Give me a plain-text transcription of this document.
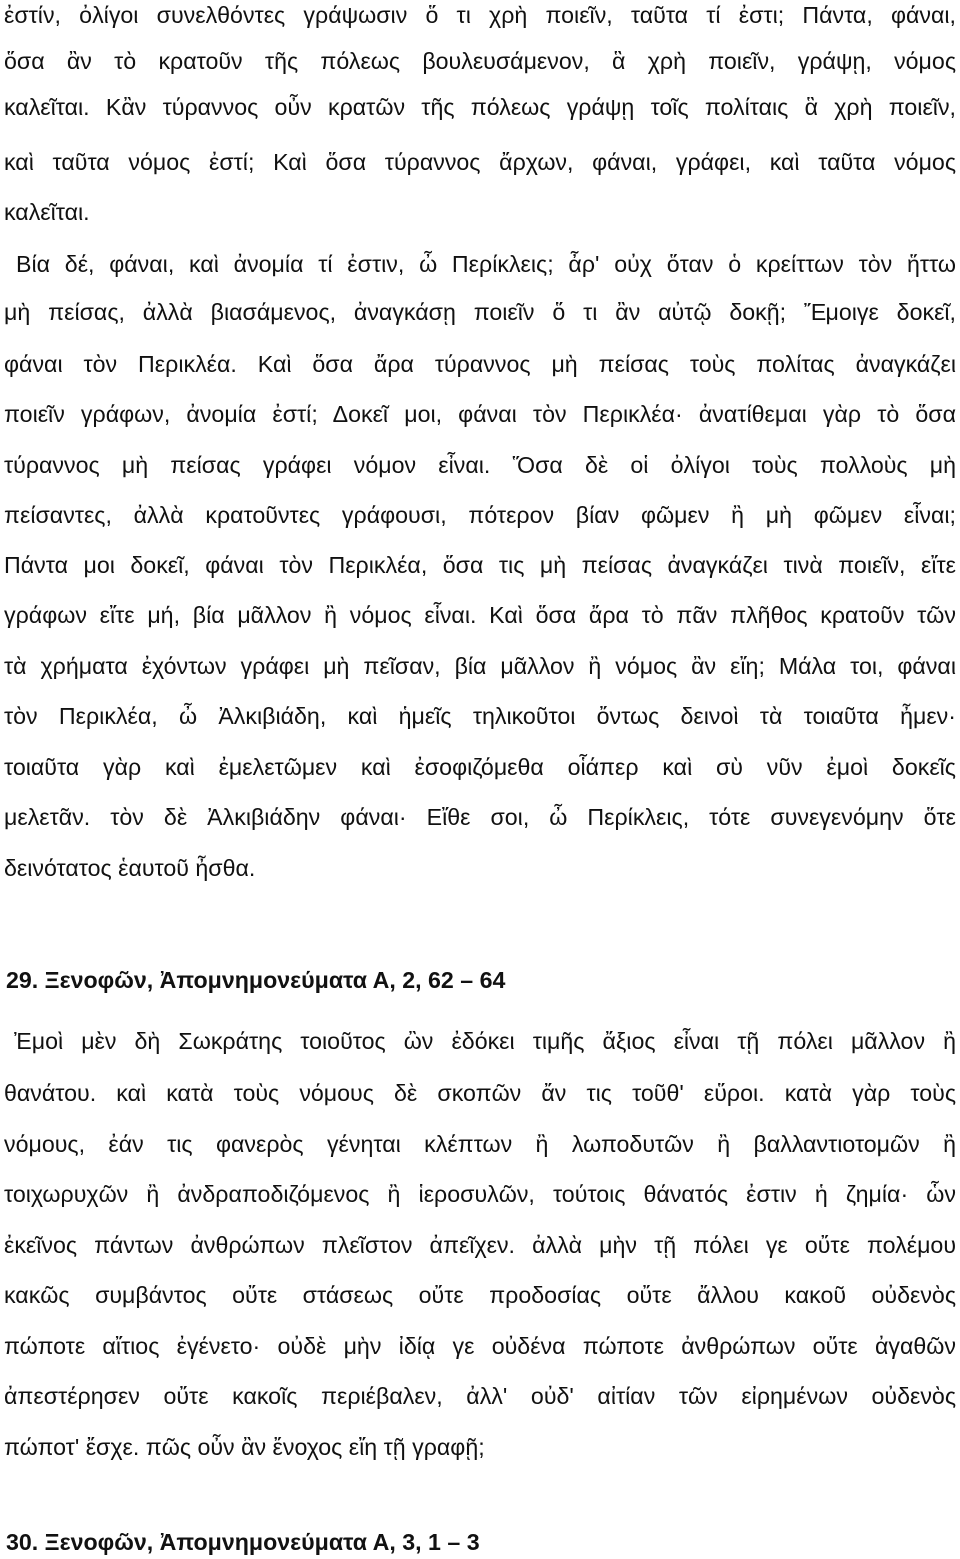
ἐστίν, ὀλίγοι συνελθόντες γράψωσιν ὅ τι χρὴ ποιεῖν, ταῦτα τί ἐστι; Πάντα, φάναι,
ὅσα ἂν τὸ κρατοῦν τῆς πόλεως βουλευσάμενον, ἃ χρὴ ποιεῖν, γράψῃ, νόμος
καλεῖται. Κἂν τύραννος οὖν κρατῶν τῆς πόλεως γράψῃ τοῖς πολίταις ἃ χρὴ ποιεῖν,
καὶ ταῦτα νόμος ἐστί; Καὶ ὅσα τύραννος ἄρχων, φάναι, γράφει, καὶ ταῦτα νόμος
καλεῖται.
Βία δέ, φάναι, καὶ ἀνομία τί ἐστιν, ὦ Περίκλεις; ἆρ' οὐχ ὅταν ὁ κρείττων τὸν ἥττω
μὴ πείσας, ἀλλὰ βιασάμενος, ἀναγκάσῃ ποιεῖν ὅ τι ἂν αὐτῷ δοκῇ; Ἔμοιγε δοκεῖ,
φάναι τὸν Περικλέα. Καὶ ὅσα ἄρα τύραννος μὴ πείσας τοὺς πολίτας ἀναγκάζει
ποιεῖν γράφων, ἀνομία ἐστί; Δοκεῖ μοι, φάναι τὸν Περικλέα· ἀνατίθεμαι γὰρ τὸ ὅσα
τύραννος μὴ πείσας γράφει νόμον εἶναι. Ὅσα δὲ οἱ ὀλίγοι τοὺς πολλοὺς μὴ
πείσαντες, ἀλλὰ κρατοῦντες γράφουσι, πότερον βίαν φῶμεν ἢ μὴ φῶμεν εἶναι;
Πάντα μοι δοκεῖ, φάναι τὸν Περικλέα, ὅσα τις μὴ πείσας ἀναγκάζει τινὰ ποιεῖν, εἴτε
γράφων εἴτε μή, βία μᾶλλον ἢ νόμος εἶναι. Καὶ ὅσα ἄρα τὸ πᾶν πλῆθος κρατοῦν τῶν
τὰ χρήματα ἐχόντων γράφει μὴ πεῖσαν, βία μᾶλλον ἢ νόμος ἂν εἴη; Μάλα τοι, φάναι
τὸν Περικλέα, ὦ Ἀλκιβιάδη, καὶ ἡμεῖς τηλικοῦτοι ὄντως δεινοὶ τὰ τοιαῦτα ἦμεν·
τοιαῦτα γὰρ καὶ ἐμελετῶμεν καὶ ἐσοφιζόμεθα οἷάπερ καὶ σὺ νῦν ἐμοὶ δοκεῖς
μελετᾶν. τὸν δὲ Ἀλκιβιάδην φάναι· Εἴθε σοι, ὦ Περίκλεις, τότε συνεγενόμην ὅτε
δεινότατος ἑαυτοῦ ἦσθα.
29. Ξενοφῶν, Ἀπομνημονεύματα Α, 2, 62 – 64
Ἐμοὶ μὲν δὴ Σωκράτης τοιοῦτος ὢν ἐδόκει τιμῆς ἄξιος εἶναι τῇ πόλει μᾶλλον ἢ
θανάτου. καὶ κατὰ τοὺς νόμους δὲ σκοπῶν ἄν τις τοῦθ' εὕροι. κατὰ γὰρ τοὺς
νόμους, ἐάν τις φανερὸς γένηται κλέπτων ἢ λωποδυτῶν ἢ βαλλαντιοτομῶν ἢ
τοιχωρυχῶν ἢ ἀνδραποδιζόμενος ἢ ἱεροσυλῶν, τούτοις θάνατός ἐστιν ἡ ζημία· ὧν
ἐκεῖνος πάντων ἀνθρώπων πλεῖστον ἀπεῖχεν. ἀλλὰ μὴν τῇ πόλει γε οὔτε πολέμου
κακῶς συμβάντος οὔτε στάσεως οὔτε προδοσίας οὔτε ἄλλου κακοῦ οὐδενὸς
πώποτε αἴτιος ἐγένετο· οὐδὲ μὴν ἰδίᾳ γε οὐδένα πώποτε ἀνθρώπων οὔτε ἀγαθῶν
ἀπεστέρησεν οὔτε κακοῖς περιέβαλεν, ἀλλ' οὐδ' αἰτίαν τῶν εἰρημένων οὐδενὸς
πώποτ' ἔσχε. πῶς οὖν ἂν ἔνοχος εἴη τῇ γραφῇ;
30. Ξενοφῶν, Ἀπομνημονεύματα Α, 3, 1 – 3
